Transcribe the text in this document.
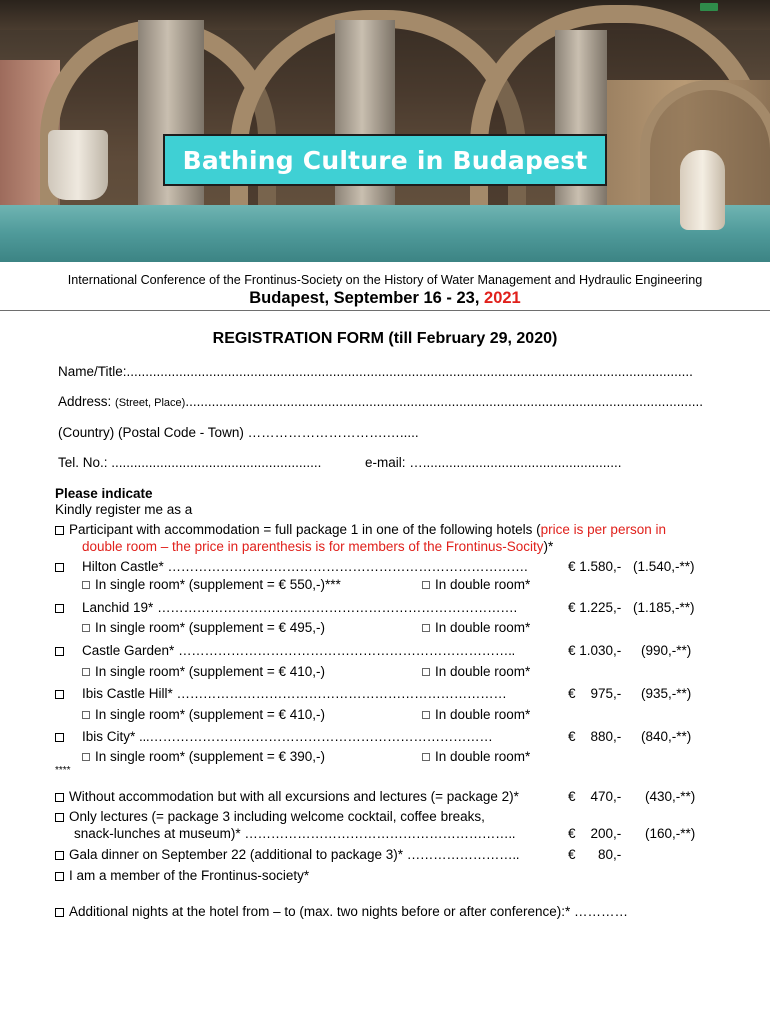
Bathing Culture in Budapest
International Conference of the Frontinus-Society on the History of Water Management and Hydraulic Engineering
Budapest, September 16 - 23, 2021
REGISTRATION FORM (till February 29, 2020)
Name/Title:.......................................................................................................................................................
Address: (Street, Place)..........................................................................................................................................
(Country) (Postal Code - Town) ………………………….….....
Tel. No.: ........................................................	e-mail: ….....................................................
Please indicate
Kindly register me as a
Participant with accommodation = full package 1 in one of the following hotels (price is per person in
double room – the price in parenthesis is for members of the Frontinus-Socity)*
Hilton Castle* ……………………………………………………………………….	€ 1.580,- (1.540,-**)
In single room* (supplement = € 550,-)***	In double room*
Lanchid 19* ……………………………………………………………………….	€ 1.225,- (1.185,-**)
In single room* (supplement = € 495,-)	In double room*
Castle Garden* …………………………………………………………………..	€ 1.030,- (990,-**)
In single room* (supplement = € 410,-)	In double room*
Ibis Castle Hill* …………………………………………………………………	€    975,- (935,-**)
In single room* (supplement = € 410,-)	In double room*
Ibis City* ...……………………………………………………………………	€    880,- (840,-**)
In single room* (supplement = € 390,-)	In double room*
****
Without accommodation but with all excursions and lectures (= package 2)*	€    470,- (430,-**)
Only lectures (= package 3 including welcome cocktail, coffee breaks,
snack-lunches at museum)* ……………………………………………………..	€    200,- (160,-**)
Gala dinner on September 22 (additional to package 3)* ……………………..	€      80,-
I am a member of the Frontinus-society*
Additional nights at the hotel from – to (max. two nights before or after conference):* …………
